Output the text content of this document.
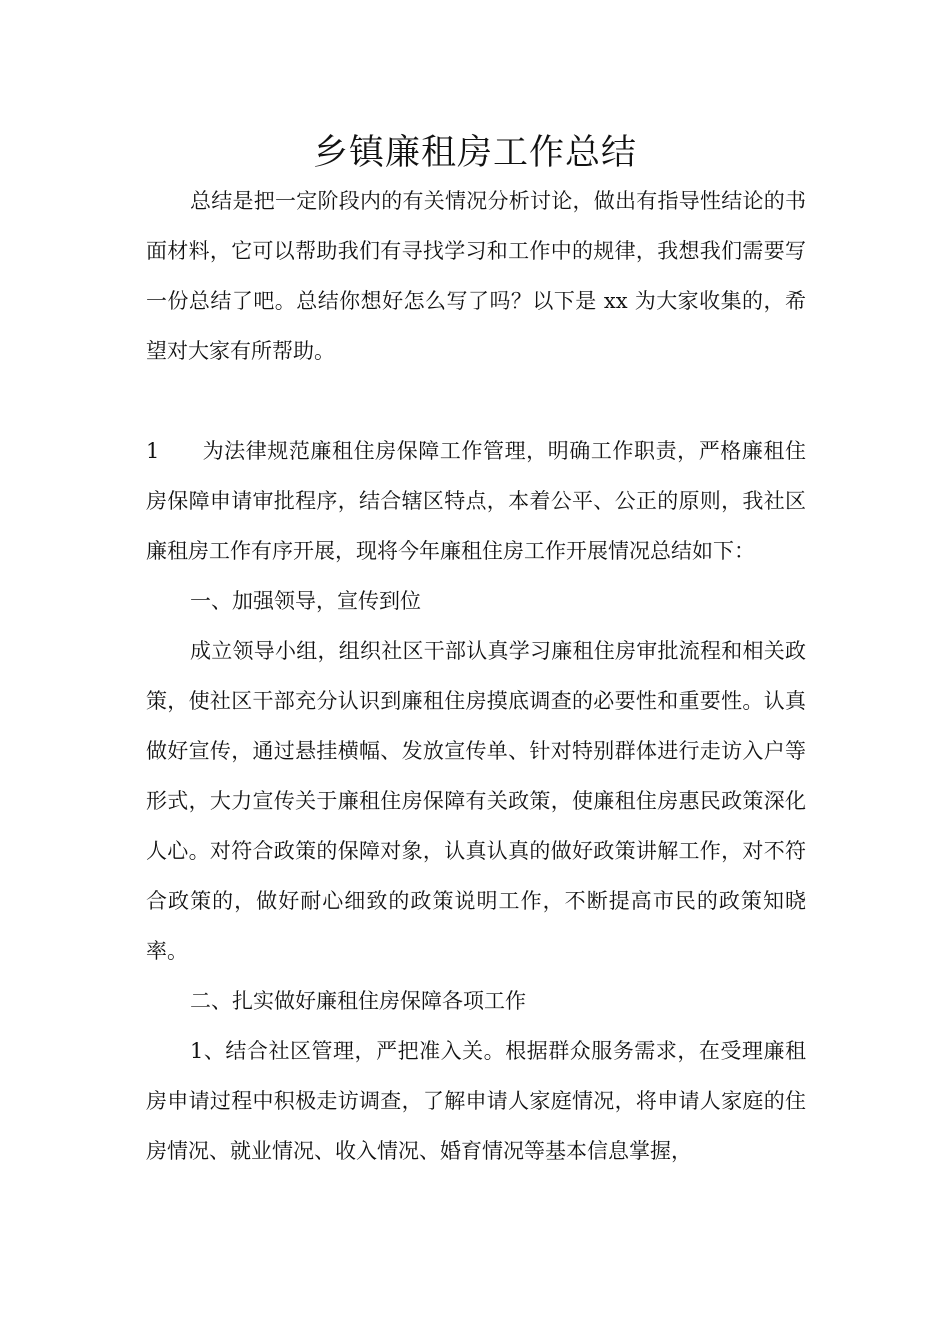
乡镇廉租房工作总结

总结是把一定阶段内的有关情况分析讨论，做出有指导性结论的书面材料，它可以帮助我们有寻找学习和工作中的规律，我想我们需要写一份总结了吧。总结你想好怎么写了吗？以下是 xx 为大家收集的，希望对大家有所帮助。

1 为法律规范廉租住房保障工作管理，明确工作职责，严格廉租住房保障申请审批程序，结合辖区特点，本着公平、公正的原则，我社区廉租房工作有序开展，现将今年廉租住房工作开展情况总结如下：

一、加强领导，宣传到位

成立领导小组，组织社区干部认真学习廉租住房审批流程和相关政策，使社区干部充分认识到廉租住房摸底调查的必要性和重要性。认真做好宣传，通过悬挂横幅、发放宣传单、针对特别群体进行走访入户等形式，大力宣传关于廉租住房保障有关政策，使廉租住房惠民政策深化人心。对符合政策的保障对象，认真认真的做好政策讲解工作，对不符合政策的，做好耐心细致的政策说明工作，不断提高市民的政策知晓率。

二、扎实做好廉租住房保障各项工作

1、结合社区管理，严把准入关。根据群众服务需求，在受理廉租房申请过程中积极走访调查，了解申请人家庭情况，将申请人家庭的住房情况、就业情况、收入情况、婚育情况等基本信息掌握，
